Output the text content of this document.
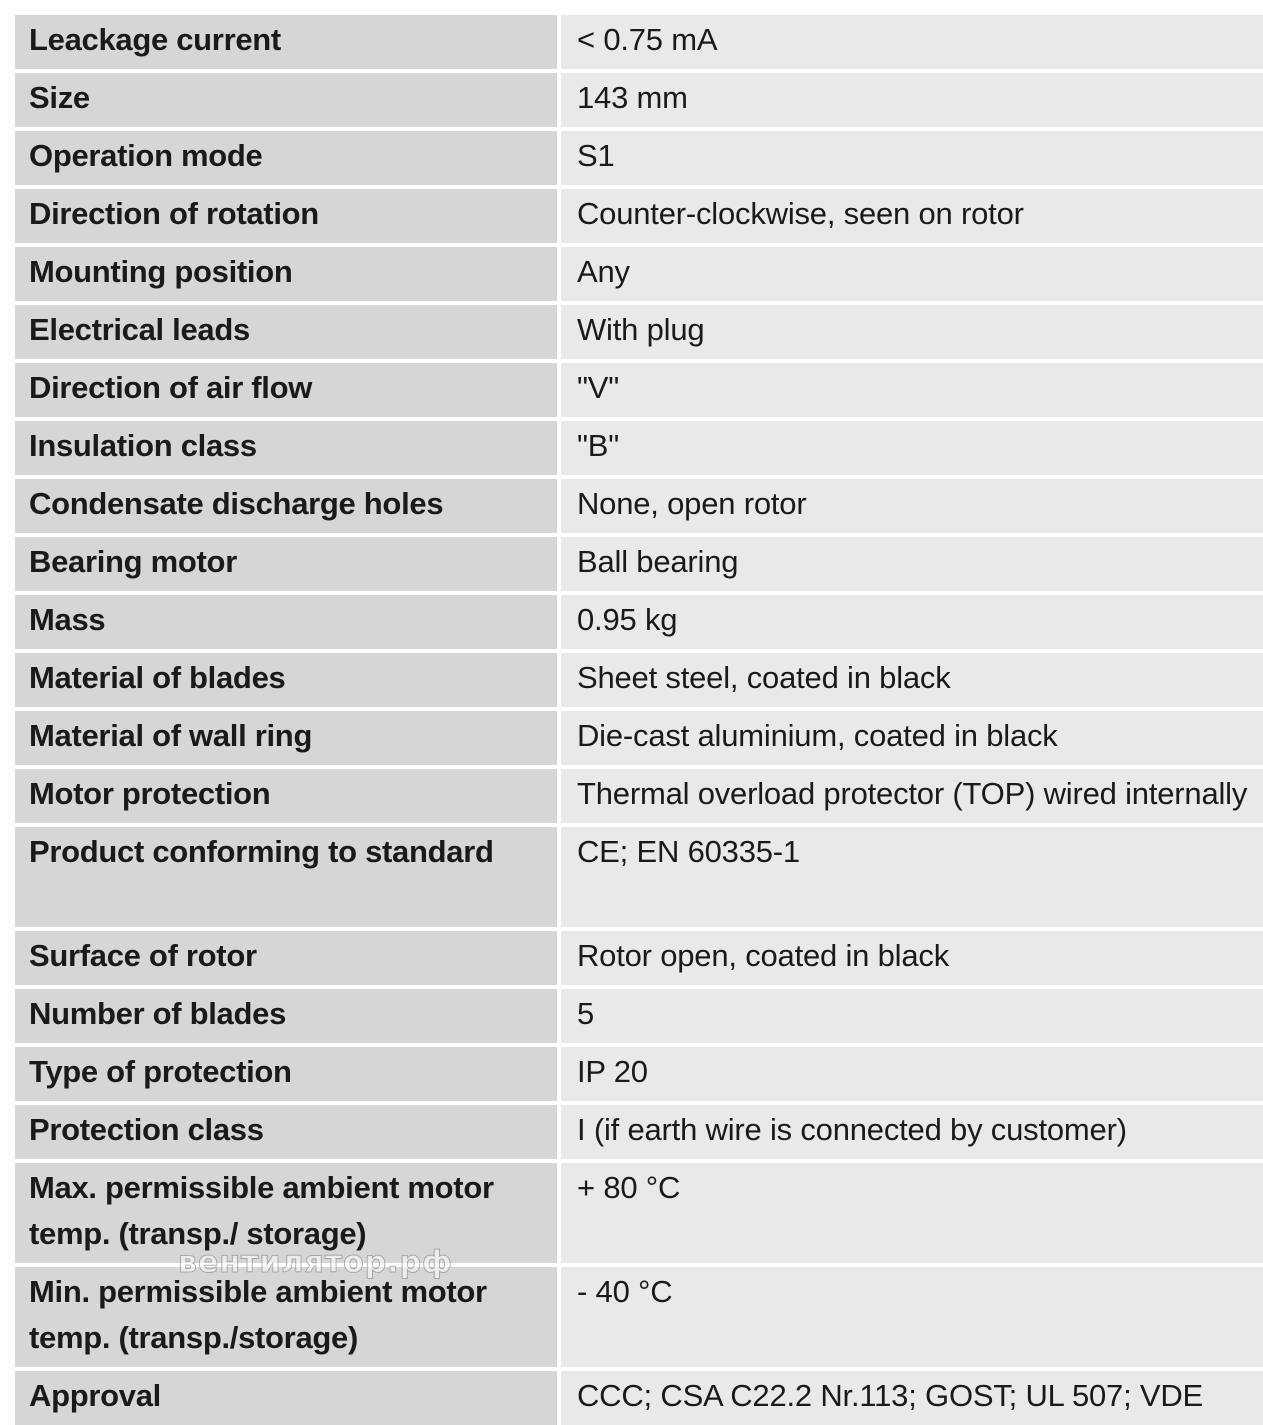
Leackage current	< 0.75 mA
Size	143 mm
Operation mode	S1
Direction of rotation	Counter-clockwise, seen on rotor
Mounting position	Any
Electrical leads	With plug
Direction of air flow	"V"
Insulation class	"B"
Condensate discharge holes	None, open rotor
Bearing motor	Ball bearing
Mass	0.95 kg
Material of blades	Sheet steel, coated in black
Material of wall ring	Die-cast aluminium, coated in black
Motor protection	Thermal overload protector (TOP) wired internally
Product conforming to standard	CE; EN 60335-1
Surface of rotor	Rotor open, coated in black
Number of blades	5
Type of protection	IP 20
Protection class	I (if earth wire is connected by customer)
Max. permissible ambient motor temp. (transp./ storage)	+ 80 °C
Min. permissible ambient motor temp. (transp./storage)	- 40 °C
Approval	CCC; CSA C22.2 Nr.113; GOST; UL 507; VDE
вентилятор.рф
